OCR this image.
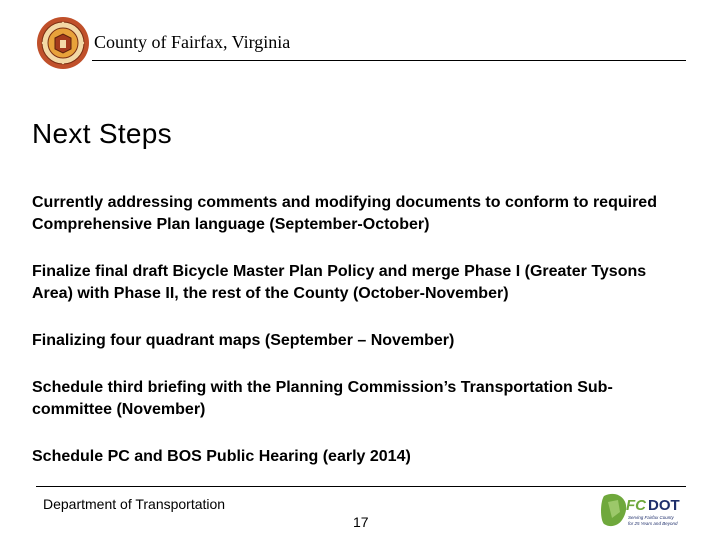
County of Fairfax, Virginia
Next Steps
Currently addressing comments and modifying documents to conform to required Comprehensive Plan language (September-October)
Finalize final draft Bicycle Master Plan Policy and merge Phase I (Greater Tysons Area) with Phase II, the rest of the County (October-November)
Finalizing four quadrant maps (September – November)
Schedule third briefing with the Planning Commission’s Transportation Sub-committee (November)
Schedule PC and BOS Public Hearing (early 2014)
Department of Transportation
17
FC DOT
Serving Fairfax County
for 25 Years and Beyond
